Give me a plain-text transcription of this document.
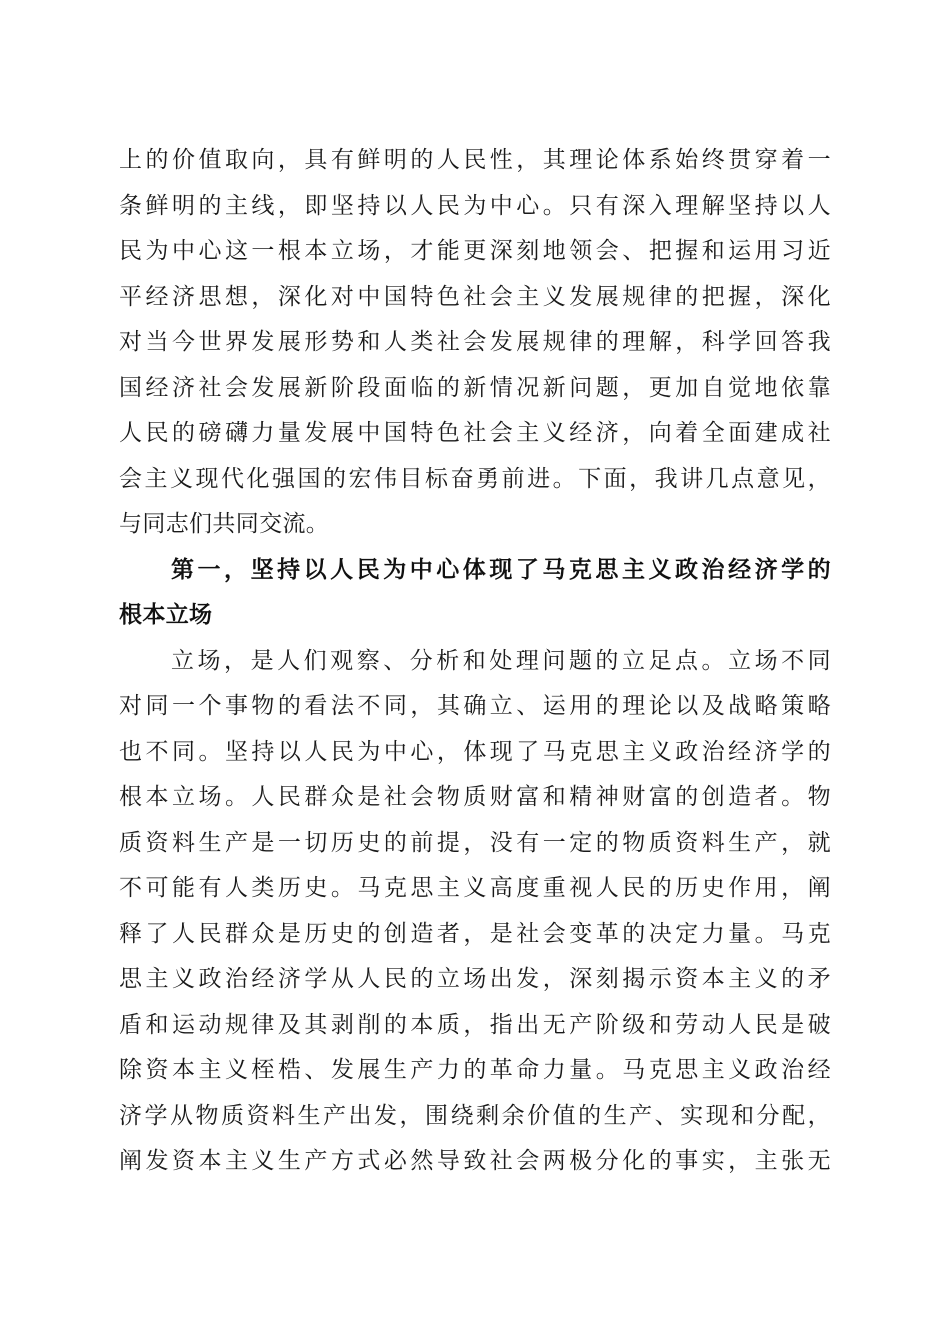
上的价值取向，具有鲜明的人民性，其理论体系始终贯穿着一
条鲜明的主线，即坚持以人民为中心。只有深入理解坚持以人
民为中心这一根本立场，才能更深刻地领会、把握和运用习近
平经济思想，深化对中国特色社会主义发展规律的把握，深化
对当今世界发展形势和人类社会发展规律的理解，科学回答我
国经济社会发展新阶段面临的新情况新问题，更加自觉地依靠
人民的磅礴力量发展中国特色社会主义经济，向着全面建成社
会主义现代化强国的宏伟目标奋勇前进。下面，我讲几点意见，
与同志们共同交流。
第一，坚持以人民为中心体现了马克思主义政治经济学的
根本立场
立场，是人们观察、分析和处理问题的立足点。立场不同
对同一个事物的看法不同，其确立、运用的理论以及战略策略
也不同。坚持以人民为中心，体现了马克思主义政治经济学的
根本立场。人民群众是社会物质财富和精神财富的创造者。物
质资料生产是一切历史的前提，没有一定的物质资料生产，就
不可能有人类历史。马克思主义高度重视人民的历史作用，阐
释了人民群众是历史的创造者，是社会变革的决定力量。马克
思主义政治经济学从人民的立场出发，深刻揭示资本主义的矛
盾和运动规律及其剥削的本质，指出无产阶级和劳动人民是破
除资本主义桎梏、发展生产力的革命力量。马克思主义政治经
济学从物质资料生产出发，围绕剩余价值的生产、实现和分配，
阐发资本主义生产方式必然导致社会两极分化的事实，主张无
